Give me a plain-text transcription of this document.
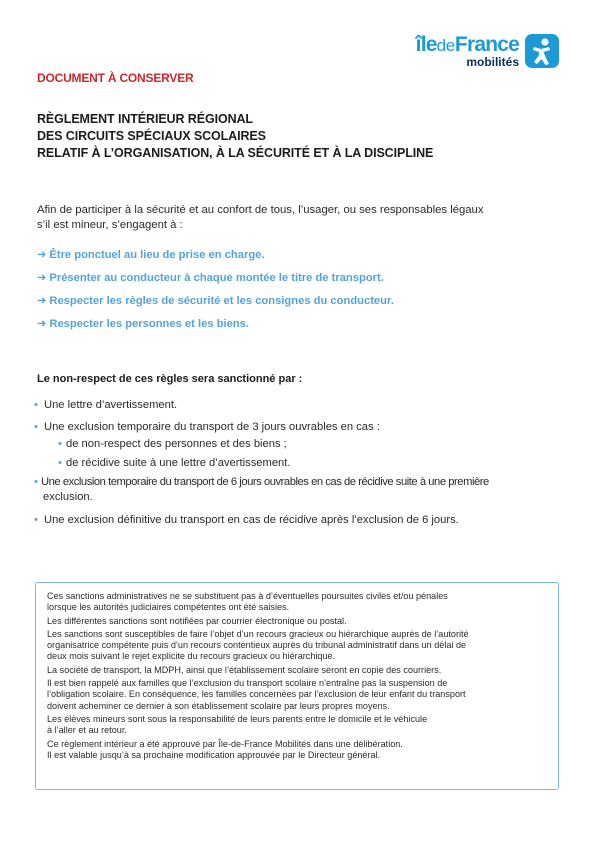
îledeFrance
mobilités
DOCUMENT À CONSERVER
RÈGLEMENT INTÉRIEUR RÉGIONAL
DES CIRCUITS SPÉCIAUX SCOLAIRES
RELATIF À L’ORGANISATION, À LA SÉCURITÉ ET À LA DISCIPLINE
Afin de participer à la sécurité et au confort de tous, l’usager, ou ses responsables légaux
s’il est mineur, s’engagent à :
➜ Être ponctuel au lieu de prise en charge.
➜ Présenter au conducteur à chaque montée le titre de transport.
➜ Respecter les règles de sécurité et les consignes du conducteur.
➜ Respecter les personnes et les biens.
Le non-respect de ces règles sera sanctionné par :
• Une lettre d’avertissement.
• Une exclusion temporaire du transport de 3 jours ouvrables en cas :
• de non-respect des personnes et des biens ;
• de récidive suite à une lettre d’avertissement.
• Une exclusion temporaire du transport de 6 jours ouvrables en cas de récidive suite à une première
exclusion.
• Une exclusion définitive du transport en cas de récidive après l’exclusion de 6 jours.

Ces sanctions administratives ne se substituent pas à d’éventuelles poursuites civiles et/ou pénales
lorsque les autorités judiciaires compétentes ont été saisies.

Les différentes sanctions sont notifiées par courrier électronique ou postal.

Les sanctions sont susceptibles de faire l’objet d’un recours gracieux ou hiérarchique auprès de l’autorité
organisatrice compétente puis d’un recours contentieux auprès du tribunal administratif dans un délai de
deux mois suivant le rejet explicite du recours gracieux ou hiérarchique.

La société de transport, la MDPH, ainsi que l’établissement scolaire seront en copie des courriers.

Il est bien rappelé aux familles que l’exclusion du transport scolaire n’entraîne pas la suspension de
l’obligation scolaire. En conséquence, les familles concernées par l’exclusion de leur enfant du transport
doivent acheminer ce dernier à son établissement scolaire par leurs propres moyens.

Les élèves mineurs sont sous la responsabilité de leurs parents entre le domicile et le véhicule
à l’aller et au retour.

Ce règlement intérieur a été approuvé par Île-de-France Mobilités dans une délibération.
Il est valable jusqu’à sa prochaine modification approuvée par le Directeur général.
